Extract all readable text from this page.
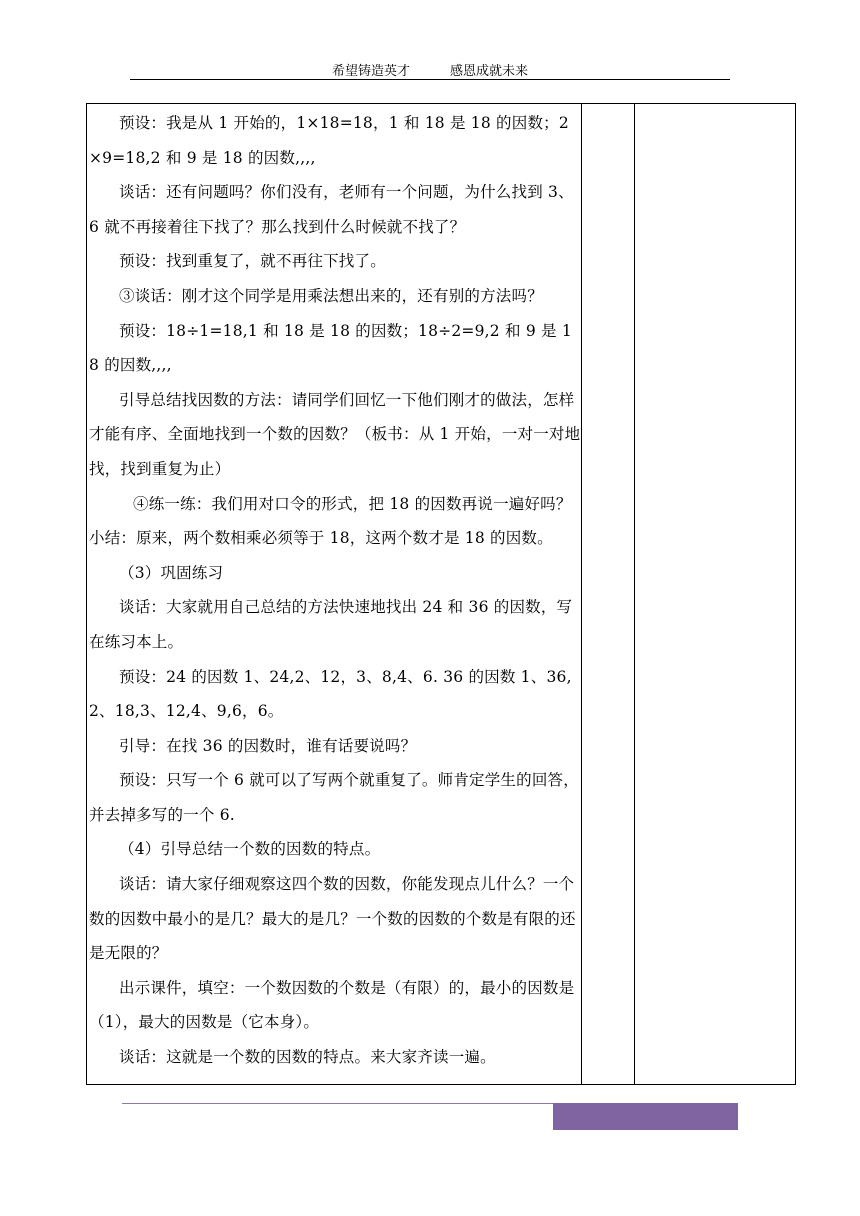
希望铸造英才	感恩成就未来

预设：我是从 1 开始的，1×18=18，1 和 18 是 18 的因数；2×9=18,2 和 9 是 18 的因数,,,,

谈话：还有问题吗？你们没有，老师有一个问题，为什么找到 3、6 就不再接着往下找了？那么找到什么时候就不找了？

预设：找到重复了，就不再往下找了。

③谈话：刚才这个同学是用乘法想出来的，还有别的方法吗？

预设：18÷1=18,1 和 18 是 18 的因数；18÷2=9,2 和 9 是 18 的因数,,,,

引导总结找因数的方法：请同学们回忆一下他们刚才的做法，怎样才能有序、全面地找到一个数的因数？（板书：从 1 开始，一对一对地找，找到重复为止）

④练一练：我们用对口令的形式，把 18 的因数再说一遍好吗？

小结：原来，两个数相乘必须等于 18，这两个数才是 18 的因数。

（3）巩固练习

谈话：大家就用自己总结的方法快速地找出 24 和 36 的因数，写在练习本上。

预设：24 的因数 1、24,2、12，3、8,4、6. 36 的因数 1、36,2、18,3、12,4、9,6，6。

引导：在找 36 的因数时，谁有话要说吗？

预设：只写一个 6 就可以了写两个就重复了。师肯定学生的回答，并去掉多写的一个 6.

（4）引导总结一个数的因数的特点。

谈话：请大家仔细观察这四个数的因数，你能发现点儿什么？一个数的因数中最小的是几？最大的是几？一个数的因数的个数是有限的还是无限的？

出示课件，填空：一个数因数的个数是（有限）的，最小的因数是（1），最大的因数是（它本身）。

谈话：这就是一个数的因数的特点。来大家齐读一遍。
